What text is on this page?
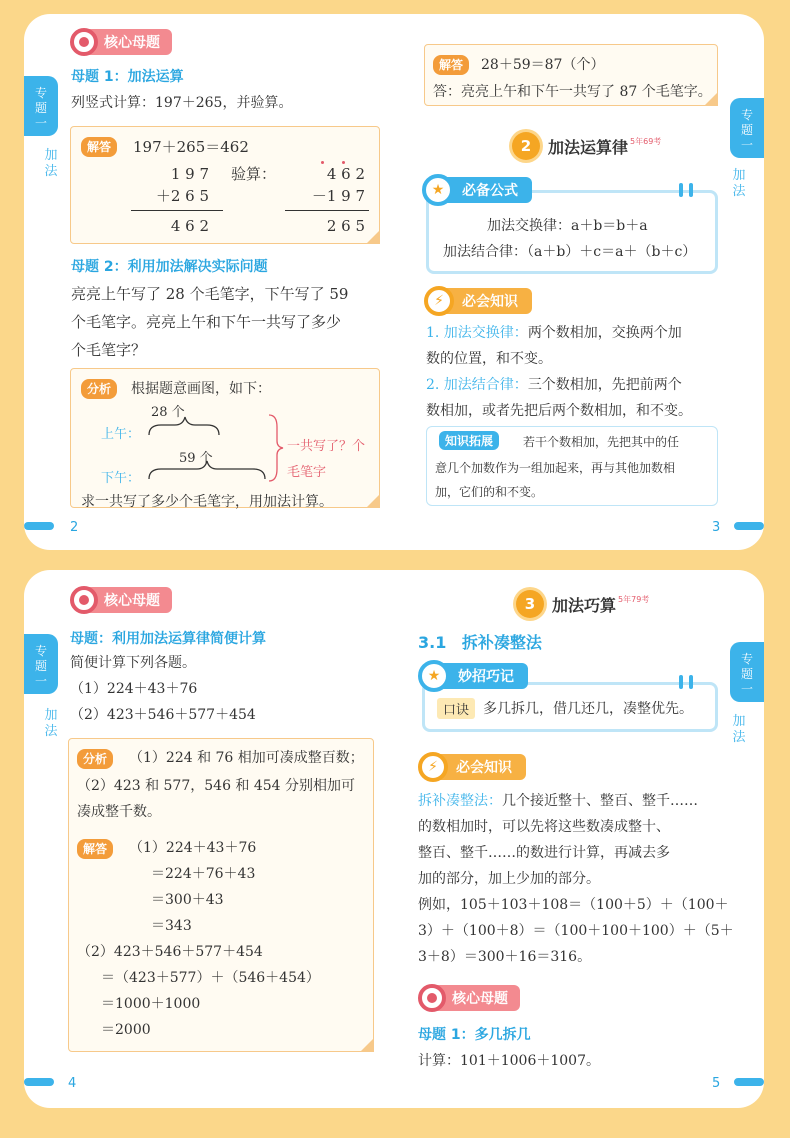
核心母题
专题一
加法
母题 1：加法运算
列竖式计算：197＋265，并验算。
解答	197＋265＝462
1 9 7
＋2 6 5
4 6 2
验算：	4 6 2
－1 9 7
2 6 5
母题 2：利用加法解决实际问题
亮亮上午写了 28 个毛笔字，下午写了 59
个毛笔字。亮亮上午和下午一共写了多少
个毛笔字？
分析	根据题意画图，如下：
上午：
下午：
28 个
59 个
一共写了？个
毛笔字
求一共写了多少个毛笔字，用加法计算。
2
解答	28＋59＝87（个）
答：亮亮上午和下午一共写了 87 个毛笔字。
2	加法运算律 5年69考
加法交换律：a＋b＝b＋a
加法结合律：（a＋b）＋c＝a＋（b＋c）
★	必备公式
⚡	必会知识
1. 加法交换律：两个数相加，交换两个加
数的位置，和不变。
2. 加法结合律：三个数相加，先把前两个
数相加，或者先把后两个数相加，和不变。
知识拓展	若干个数相加，先把其中的任
意几个加数作为一组加起来，再与其他加数相
加，它们的和不变。
专题一
加法
3
核心母题
专题一
加法
母题：利用加法运算律简便计算
简便计算下列各题。
（1）224＋43＋76
（2）423＋546＋577＋454
分析	（1）224 和 76 相加可凑成整百数；
（2）423 和 577，546 和 454 分别相加可
凑成整千数。
解答	（1）224＋43＋76
＝224＋76＋43
＝300＋43
＝343
（2）423＋546＋577＋454
＝（423＋577）＋（546＋454）
＝1000＋1000
＝2000
4
3	加法巧算 5年79考
3.1 拆补凑整法
口诀 多几拆几，借几还几，凑整优先。
★	妙招巧记
⚡	必会知识
拆补凑整法：几个接近整十、整百、整千……
的数相加时，可以先将这些数凑成整十、
整百、整千……的数进行计算，再减去多
加的部分，加上少加的部分。
例如，105＋103＋108＝（100＋5）＋（100＋
3）＋（100＋8）＝（100＋100＋100）＋（5＋
3＋8）＝300＋16＝316。
核心母题
母题 1：多几拆几
计算：101＋1006＋1007。
专题一
加法
5
